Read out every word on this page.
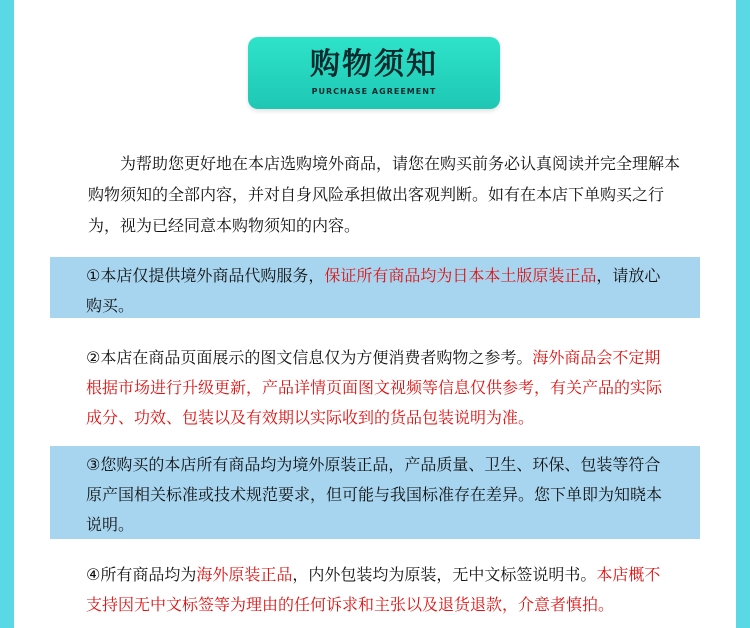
购物须知
PURCHASE AGREEMENT

为帮助您更好地在本店选购境外商品，请您在购买前务必认真阅读并完全理解本购物须知的全部内容，并对自身风险承担做出客观判断。如有在本店下单购买之行为，视为已经同意本购物须知的内容。

①本店仅提供境外商品代购服务，保证所有商品均为日本本土版原装正品，请放心购买。

②本店在商品页面展示的图文信息仅为方便消费者购物之参考。海外商品会不定期根据市场进行升级更新，产品详情页面图文视频等信息仅供参考，有关产品的实际成分、功效、包装以及有效期以实际收到的货品包装说明为准。

③您购买的本店所有商品均为境外原装正品，产品质量、卫生、环保、包装等符合原产国相关标准或技术规范要求，但可能与我国标准存在差异。您下单即为知晓本说明。

④所有商品均为海外原装正品，内外包装均为原装，无中文标签说明书。本店概不支持因无中文标签等为理由的任何诉求和主张以及退货退款，介意者慎拍。
